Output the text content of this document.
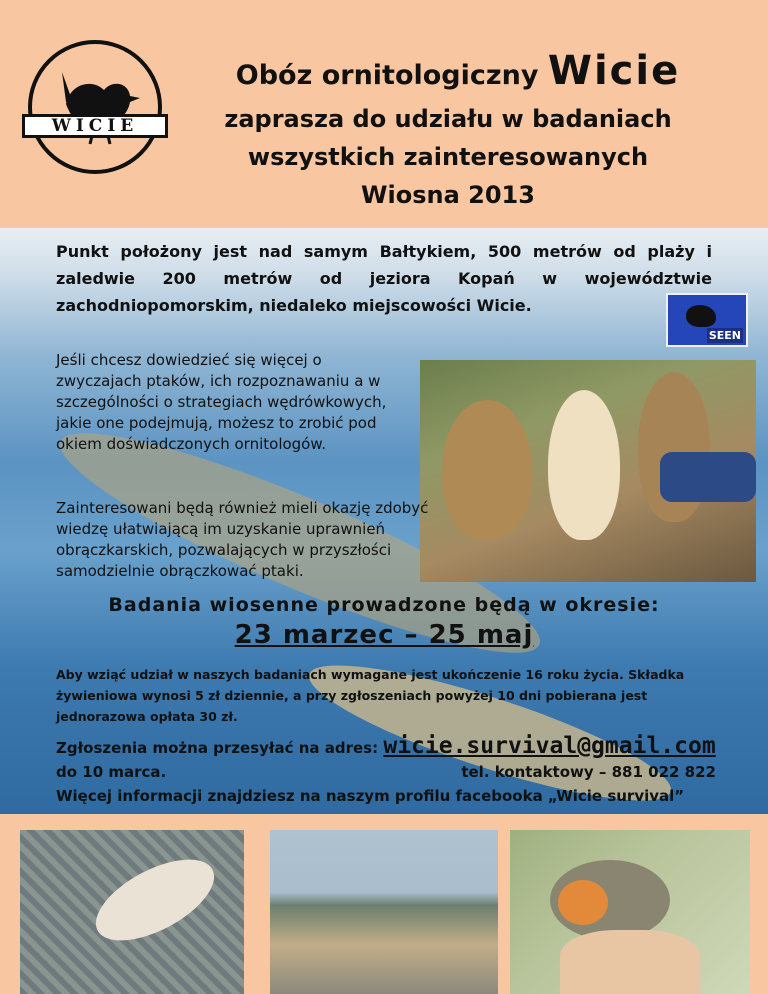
WICIE
Obóz ornitologiczny Wicie
zaprasza do udziału w badaniach
wszystkich zainteresowanych
Wiosna 2013
Punkt położony jest nad samym Bałtykiem, 500 metrów od plaży i zaledwie 200 metrów od jeziora Kopań w województwie zachodniopomorskim, niedaleko miejscowości Wicie.
SEEN
Jeśli chcesz dowiedzieć się więcej o zwyczajach ptaków, ich rozpoznawaniu a w szczególności o strategiach wędrówkowych, jakie one podejmują, możesz to zrobić pod okiem doświadczonych ornitologów.
Zainteresowani będą również mieli okazję zdobyć wiedzę ułatwiającą im uzyskanie uprawnień obrączkarskich, pozwalających w przyszłości samodzielnie obrączkować ptaki.
Badania wiosenne prowadzone będą w okresie:
23 marzec – 25 maj
Aby wziąć udział w naszych badaniach wymagane jest ukończenie 16 roku życia. Składka żywieniowa wynosi 5 zł dziennie, a przy zgłoszeniach powyżej 10 dni pobierana jest jednorazowa opłata 30 zł.
Zgłoszenia można przesyłać na adres: wicie.survival@gmail.com
do 10 marca.	tel. kontaktowy – 881 022 822
Więcej informacji znajdziesz na naszym profilu facebooka „Wicie survival”
